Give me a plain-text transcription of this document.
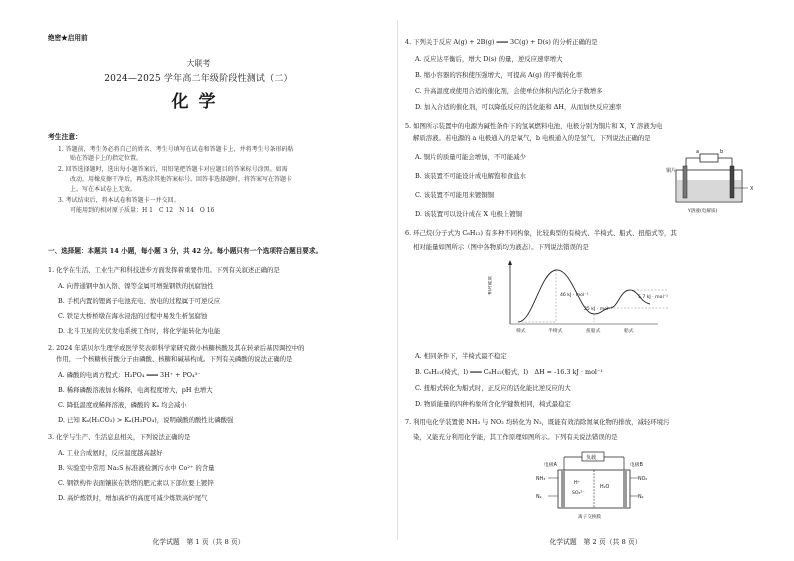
绝密★启用前
大联考
2024—2025 学年高二年级阶段性测试（二）
化学
考生注意：
1. 答题前，考生务必将自己的姓名、考生号填写在试卷和答题卡上，并将考生号条形码粘
贴在答题卡上的指定位置。
2. 回答选择题时，选出每小题答案后，用铅笔把答题卡对应题目的答案标号涂黑。如需
改动，用橡皮擦干净后，再选涂其他答案标号。回答非选择题时，将答案写在答题卡
上。写在本试卷上无效。
3. 考试结束后，将本试卷和答题卡一并交回。
可能用到的相对原子质量：H 1　C 12　N 14　O 16
一、选择题：本题共 14 小题，每小题 3 分，共 42 分。每小题只有一个选项符合题目要求。
1. 化学在生活、工业生产和科技进步方面发挥着重要作用。下列有关叙述正确的是
A. 向普通钢中加入铬、镍等金属可增强钢铁的抗腐蚀性
B. 手机内置的锂离子电池充电、放电的过程属于可逆反应
C. 铁足大桥桥墩在海水浸泡的过程中易发生析氢腐蚀
D. 北斗卫星的光伏发电系统工作时，将化学能转化为电能
2. 2024 年诺贝尔生理学或医学奖表彰科学家研究微小核糖核酸及其在转录后基因调控中的
作用，一个核糖核苷酸分子由磷酸、核糖和碱基构成。下列有关磷酸的说法正确的是
A. 磷酸的电离方程式：H₃PO₄ ═══ 3H⁺ + PO₄³⁻
B. 稀释磷酸溶液加水稀释，电离程度增大，pH 也增大
C. 降低温度或稀释溶液，磷酸的 Kₐ 均会减小
D. 已知 Kₐ(H₂CO₃) > Kₐ(H₃PO₄)，说明碳酸的酸性比磷酸强
3. 化学与生产、生活息息相关，下列说法正确的是
A. 工业合成氨时，反应温度越高越好
B. 实验室中常用 Na₂S 标准液检测污水中 Co²⁺ 的含量
C. 钢铁构件表面镶嵌在铁塔的肥元素以下部位要上镀锌
D. 高炉炼铁时，增加高炉的高度可减少炼铁高炉尾气
化学试题　第 1 页（共 8 页）
4. 下列关于反应 A(g) + 2B(g) ═══ 3C(g) + D(s) 的分析正确的是
A. 反应达平衡后，增大 D(s) 的量，逆反应速率增大
B. 缩小容器的容积使压强增大，可提高 A(g) 的平衡转化率
C. 升高温度或使用合适的催化剂，会使单位体积内活化分子数增多
D. 加入合适的催化剂，可以降低反应的活化能和 ΔH，从而加快反应速率
5. 如图所示装置中的电源为碱性条件下的氢氧燃料电池，电极分别为铜片和 X，Y 溶液为电
解质溶液。若电源的 a 电极通入的是氧气，b 电极通入的是氢气，下列说法正确的是
A. 铜片的质量可能会增加，不可能减少
B. 该装置不可能设计成电解饱和食盐水
C. 该装置不可能用来镀铜铜
D. 该装置可以设计成在 X 电极上镀铜
a	b
铜片
X
Y溶液(电解质)
6. 环己烷(分子式为 C₆H₁₂) 有多种不同构象，比较典型的有椅式、半椅式、船式、扭船式等，其
相对能量如图所示（图中各物质均为液态）。下列说法错误的是
相对能量
46 kJ · mol⁻¹
25 kJ · mol⁻¹
5.7 kJ · mol⁻¹
椅式	半椅式	扭船式	船式
A. 相同条件下，半椅式最不稳定
B. C₆H₁₂(椅式，l) ═══ C₆H₁₂(船式，l)　ΔH = -16.3 kJ · mol⁻¹
C. 扭船式转化为船式时，正反应的活化能比逆反应的大
D. 物质能量的四种构象所含化学键数相同，椅式最稳定
7. 利用电化学装置使 NH₃ 与 NO₂ 均转化为 N₂，既能有效消除氮氧化物的排放，减轻环境污
染，又能充分利用化学能，其工作原理如图所示。下列有关说法错误的是
负载
电极A	电极B
H⁺
SO₄²⁻
H₂O
NH₃
N₂
NO₂
N₂
离子交换膜
化学试题　第 2 页（共 8 页）
